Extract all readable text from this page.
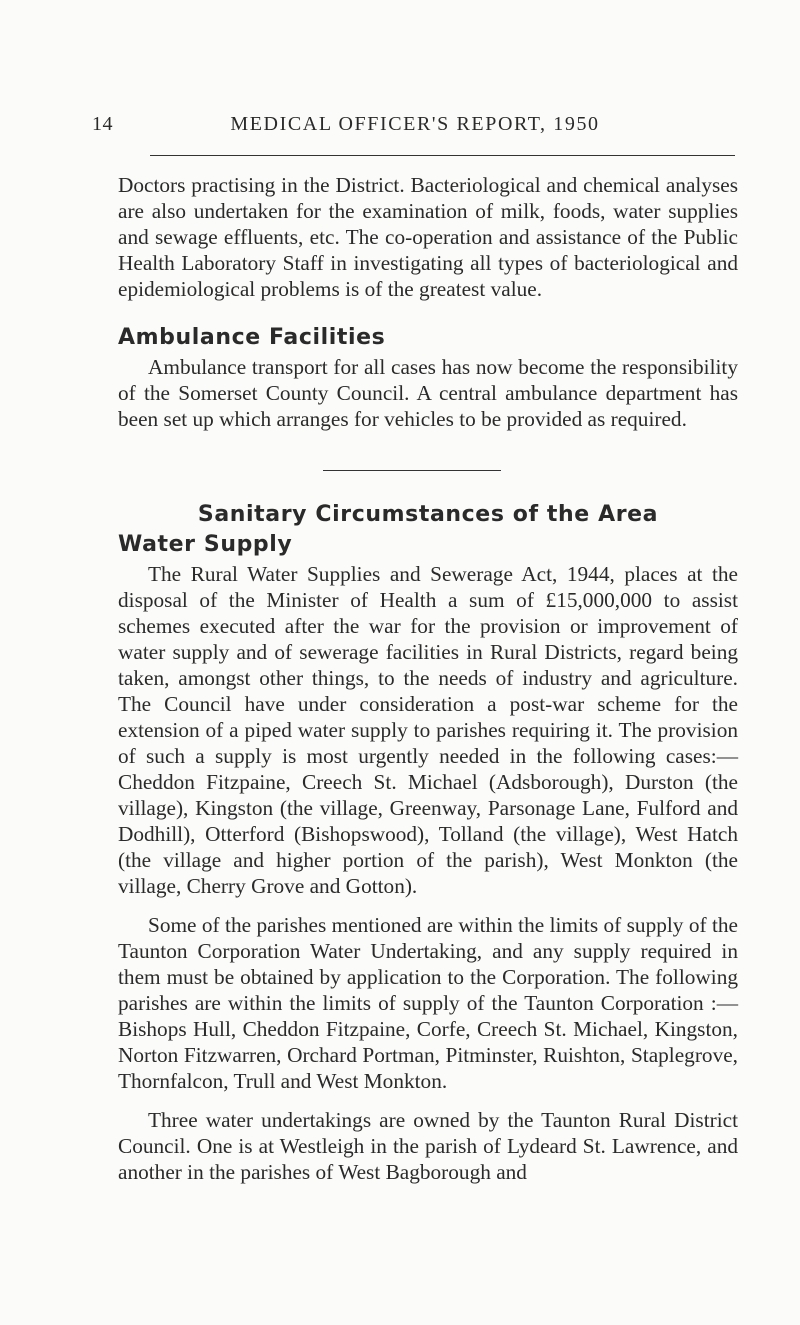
14	MEDICAL OFFICER'S REPORT, 1950

Doctors practising in the District. Bacteriological and chemical analyses are also undertaken for the examination of milk, foods, water supplies and sewage effluents, etc. The co-operation and assistance of the Public Health Laboratory Staff in investigating all types of bacteriological and epidemiological problems is of the greatest value.

Ambulance Facilities

Ambulance transport for all cases has now become the responsibility of the Somerset County Council. A central ambulance department has been set up which arranges for vehicles to be provided as required.

Sanitary Circumstances of the Area
Water Supply

The Rural Water Supplies and Sewerage Act, 1944, places at the disposal of the Minister of Health a sum of £15,000,000 to assist schemes executed after the war for the provision or improvement of water supply and of sewerage facilities in Rural Districts, regard being taken, amongst other things, to the needs of industry and agriculture. The Council have under consideration a post-war scheme for the extension of a piped water supply to parishes requiring it. The provision of such a supply is most urgently needed in the following cases:—Cheddon Fitzpaine, Creech St. Michael (Adsborough), Durston (the village), Kingston (the village, Greenway, Parsonage Lane, Fulford and Dodhill), Otterford (Bishopswood), Tolland (the village), West Hatch (the village and higher portion of the parish), West Monkton (the village, Cherry Grove and Gotton).

Some of the parishes mentioned are within the limits of supply of the Taunton Corporation Water Undertaking, and any supply required in them must be obtained by application to the Corporation. The following parishes are within the limits of supply of the Taunton Corporation :—Bishops Hull, Cheddon Fitzpaine, Corfe, Creech St. Michael, Kingston, Norton Fitzwarren, Orchard Portman, Pitminster, Ruishton, Staplegrove, Thornfalcon, Trull and West Monkton.

Three water undertakings are owned by the Taunton Rural District Council. One is at Westleigh in the parish of Lydeard St. Lawrence, and another in the parishes of West Bagborough and
